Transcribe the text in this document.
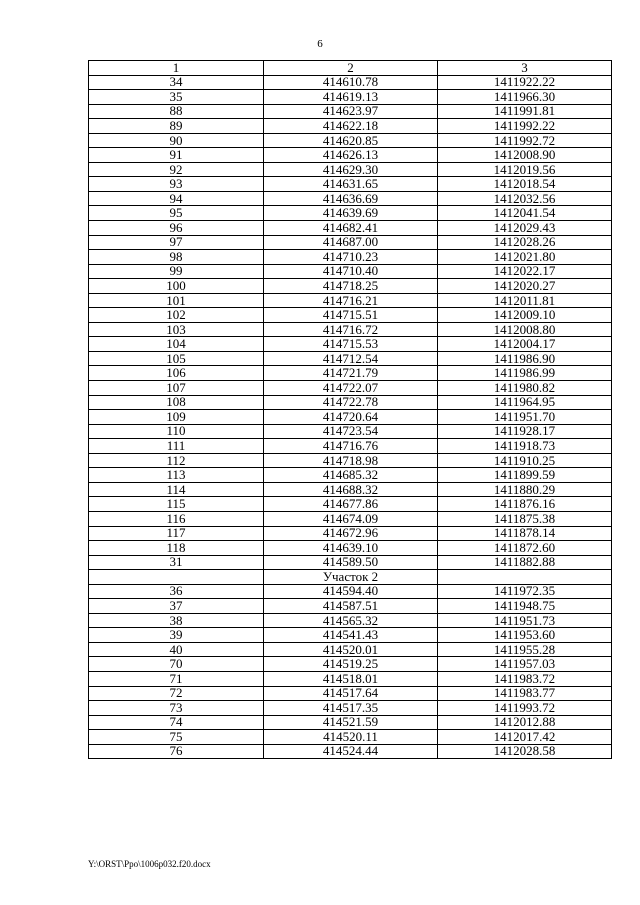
6
1	2	3
34	414610.78	1411922.22
35	414619.13	1411966.30
88	414623.97	1411991.81
89	414622.18	1411992.22
90	414620.85	1411992.72
91	414626.13	1412008.90
92	414629.30	1412019.56
93	414631.65	1412018.54
94	414636.69	1412032.56
95	414639.69	1412041.54
96	414682.41	1412029.43
97	414687.00	1412028.26
98	414710.23	1412021.80
99	414710.40	1412022.17
100	414718.25	1412020.27
101	414716.21	1412011.81
102	414715.51	1412009.10
103	414716.72	1412008.80
104	414715.53	1412004.17
105	414712.54	1411986.90
106	414721.79	1411986.99
107	414722.07	1411980.82
108	414722.78	1411964.95
109	414720.64	1411951.70
110	414723.54	1411928.17
111	414716.76	1411918.73
112	414718.98	1411910.25
113	414685.32	1411899.59
114	414688.32	1411880.29
115	414677.86	1411876.16
116	414674.09	1411875.38
117	414672.96	1411878.14
118	414639.10	1411872.60
31	414589.50	1411882.88
	Участок 2	
36	414594.40	1411972.35
37	414587.51	1411948.75
38	414565.32	1411951.73
39	414541.43	1411953.60
40	414520.01	1411955.28
70	414519.25	1411957.03
71	414518.01	1411983.72
72	414517.64	1411983.77
73	414517.35	1411993.72
74	414521.59	1412012.88
75	414520.11	1412017.42
76	414524.44	1412028.58
Y:\ORST\Ppo\1006p032.f20.docx
